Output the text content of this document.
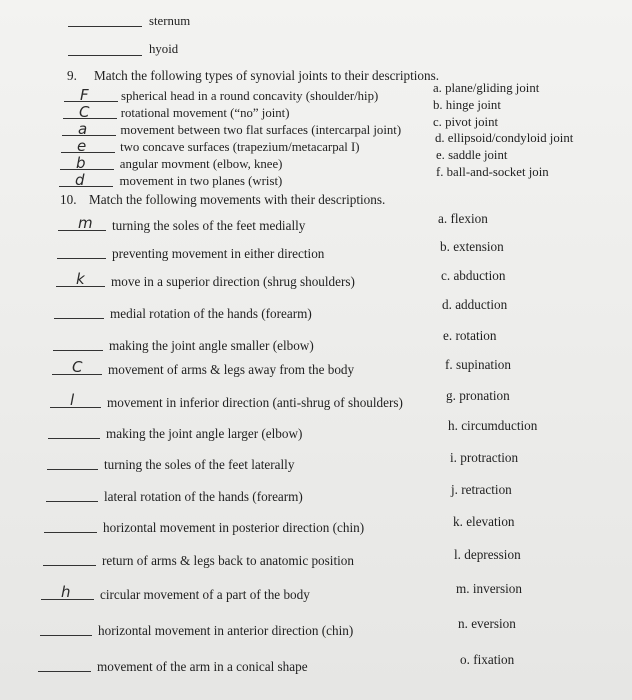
sternum
hyoid
9. Match the following types of synovial joints to their descriptions.
F	spherical head in a round concavity (shoulder/hip)
C rotational movement (“no” joint)
a	movement between two flat surfaces (intercarpal joint)
e	two concave surfaces (trapezium/metacarpal I)
b	angular movment (elbow, knee)
d	movement in two planes (wrist)
a. plane/gliding joint
b. hinge joint
c. pivot joint
d. ellipsoid/condyloid joint
e. saddle joint
f. ball-and-socket join
10. Match the following movements with their descriptions.
m turning the soles of the feet medially
preventing movement in either direction
k move in a superior direction (shrug shoulders)
medial rotation of the hands (forearm)
making the joint angle smaller (elbow)
C movement of arms & legs away from the body
l movement in inferior direction (anti-shrug of shoulders)
making the joint angle larger (elbow)
turning the soles of the feet laterally
lateral rotation of the hands (forearm)
horizontal movement in posterior direction (chin)
return of arms & legs back to anatomic position
h circular movement of a part of the body
horizontal movement in anterior direction (chin)
movement of the arm in a conical shape
a. flexion
b. extension
c. abduction
d. adduction
e. rotation
f. supination
g. pronation
h. circumduction
i. protraction
j. retraction
k. elevation
l. depression
m. inversion
n. eversion
o. fixation
